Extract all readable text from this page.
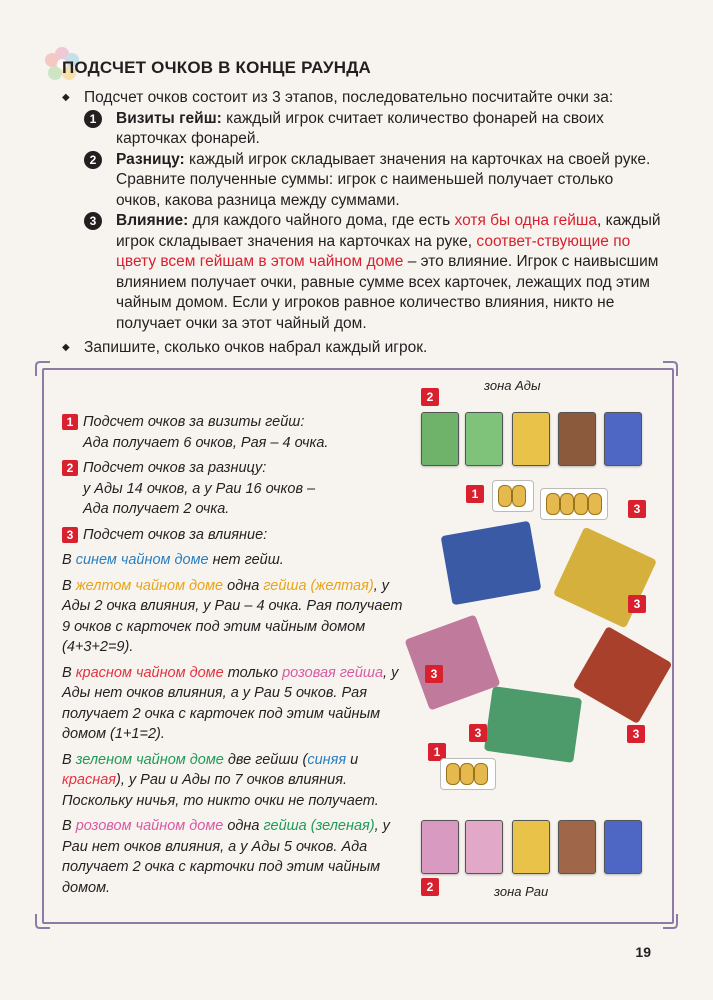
ПОДСЧЕТ ОЧКОВ В КОНЦЕ РАУНДА
◆ Подсчет очков состоит из 3 этапов, последовательно посчитайте очки за:
1	Визиты гейш: каждый игрок считает количество фонарей на своих карточках фонарей.
2	Разницу: каждый игрок складывает значения на карточках на своей руке. Сравните полученные суммы: игрок с наименьшей получает столько очков, какова разница между суммами.
3	Влияние: для каждого чайного дома, где есть хотя бы одна гейша, каждый игрок складывает значения на карточках на руке, соответ-ствующие по цвету всем гейшам в этом чайном доме – это влияние. Игрок с наивысшим влиянием получает очки, равные сумме всех карточек, лежащих под этим чайным домом. Если у игроков равное количество влияния, никто не получает очки за этот чайный дом.
◆ Запишите, сколько очков набрал каждый игрок.

1 Подсчет очков за визиты гейш:
Ада получает 6 очков, Рая – 4 очка.

2 Подсчет очков за разницу:
у Ады 14 очков, а у Раи 16 очков –
Ада получает 2 очка.

3 Подсчет очков за влияние:

В синем чайном доме нет гейш.

В желтом чайном доме одна гейша (желтая), у Ады 2 очка влияния, у Раи – 4 очка. Рая получает 9 очков с карточек под этим чайным домом (4+3+2=9).

В красном чайном доме только розовая гейша, у Ады нет очков влияния, а у Раи 5 очков. Рая получает 2 очка с карточек под этим чайным домом (1+1=2).

В зеленом чайном доме две гейши (синяя и красная), у Раи и Ады по 7 очков влияния. Поскольку ничья, то никто очки не получает.

В розовом чайном доме одна гейша (зеленая), у Раи нет очков влияния, а у Ады 5 очков. Ада получает 2 очка с карточки под этим чайным домом.

зона Ады
2
1
3
3
3
3
3
1
2	зона Раи
19
